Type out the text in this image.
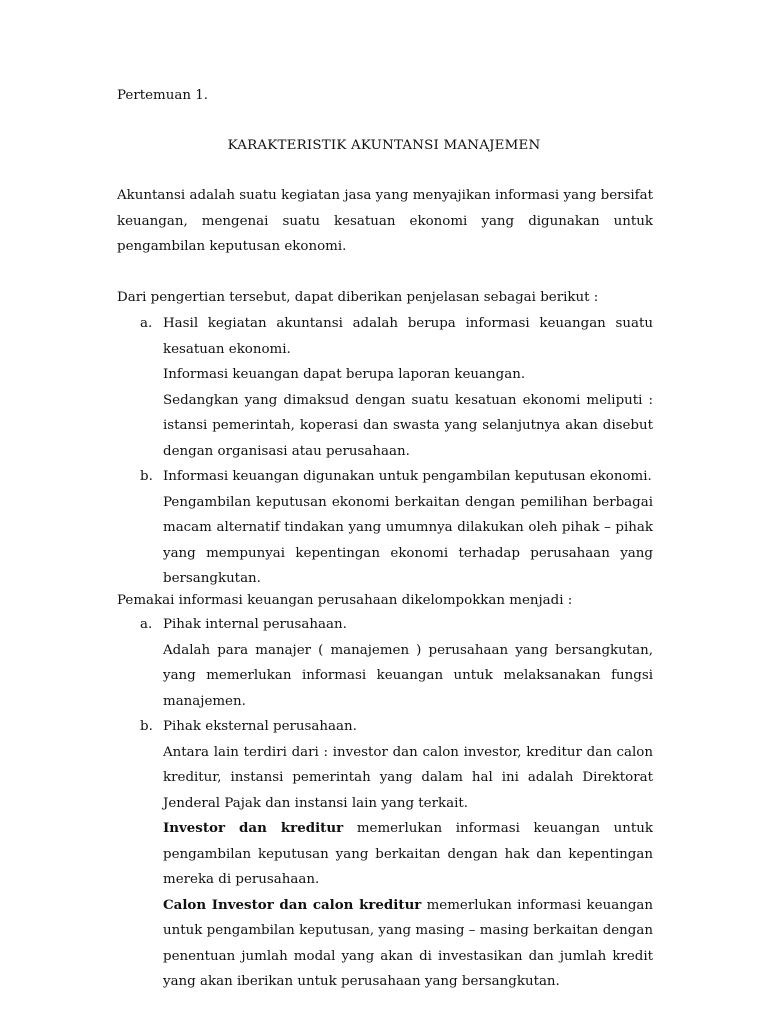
Pertemuan 1.

KARAKTERISTIK AKUNTANSI MANAJEMEN

Akuntansi adalah suatu kegiatan jasa yang menyajikan informasi yang bersifat keuangan, mengenai suatu kesatuan ekonomi yang digunakan untuk pengambilan keputusan ekonomi.

Dari pengertian tersebut, dapat diberikan penjelasan sebagai berikut :

a. Hasil kegiatan akuntansi adalah berupa informasi keuangan suatu kesatuan ekonomi.

Informasi keuangan dapat berupa laporan keuangan.

Sedangkan yang dimaksud dengan suatu kesatuan ekonomi meliputi : istansi pemerintah, koperasi dan swasta yang selanjutnya akan disebut dengan organisasi atau perusahaan.

b. Informasi keuangan digunakan untuk pengambilan keputusan ekonomi.

Pengambilan keputusan ekonomi berkaitan dengan pemilihan berbagai macam alternatif tindakan yang umumnya dilakukan oleh pihak – pihak yang mempunyai kepentingan ekonomi terhadap perusahaan yang bersangkutan.

Pemakai informasi keuangan perusahaan dikelompokkan menjadi :

a. Pihak internal perusahaan.

Adalah para manajer ( manajemen ) perusahaan yang bersangkutan, yang memerlukan informasi keuangan untuk melaksanakan fungsi manajemen.

b. Pihak eksternal perusahaan.

Antara lain terdiri dari : investor dan calon investor, kreditur dan calon kreditur, instansi pemerintah yang dalam hal ini adalah Direktorat Jenderal Pajak dan instansi lain yang terkait.

Investor dan kreditur memerlukan informasi keuangan untuk pengambilan keputusan yang berkaitan dengan hak dan kepentingan mereka di perusahaan.

Calon Investor dan calon kreditur memerlukan informasi keuangan untuk pengambilan keputusan, yang masing – masing berkaitan dengan penentuan jumlah modal yang akan di investasikan dan jumlah kredit yang akan iberikan untuk perusahaan yang bersangkutan.
